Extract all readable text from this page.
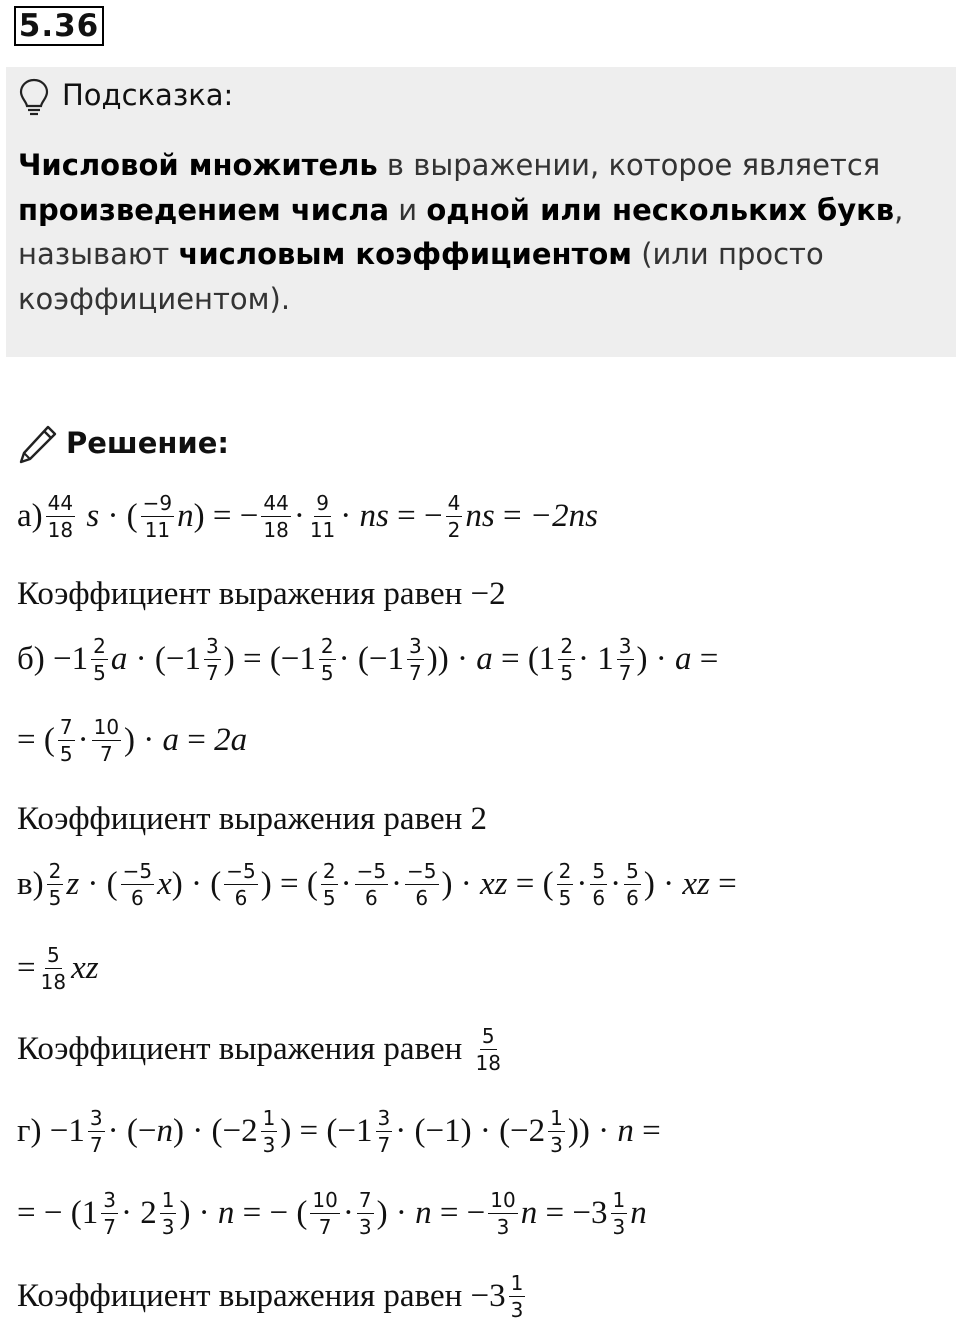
5.36
Подсказка:
Числовой множитель в выражении, которое является
произведением числа и одной или нескольких букв,
называют числовым коэффициентом (или просто
коэффициентом).
Решение:
$а) \frac{44}{18}$
s · ( $\frac{-9}{11}$ n ) = − $\frac{44}{18} \cdot \frac{9}{11}$ · ns = − $\frac{4}{2}$ ns = −2ns
Коэффициент выражения равен
−2
$б) -1 \frac{2}{5}$ $a \cdot (-1 \frac{3}{7}$ ) = ($-1 \frac{2}{5} \cdot (-1 \frac{3}{7}$ )) · $a = (1 \frac{2}{5} \cdot 1 \frac{3}{7}$ ) · a =
= ( $\frac{7}{5} \cdot \frac{10}{7}$ ) · a = 2a
Коэффициент выражения равен
2
$в) \frac{2}{5}$ z · ( $\frac{-5}{6}$ x ) · ( $\frac{-5}{6}$ ) = ( $\frac{2}{5} \cdot \frac{-5}{6} \cdot \frac{-5}{6}$ ) · xz = ( $\frac{2}{5} \cdot \frac{5}{6} \cdot \frac{5}{6}$ ) · xz =
= $\frac{5}{18}$ xz
Коэффициент выражения равен
$\frac{5}{18}$
$г) -1 \frac{3}{7}$ · (− n ) · ($-2 \frac{1}{3}$ ) = ($-1 \frac{3}{7} \cdot (-1) \cdot (-2 \frac{1}{3}$ )) · n =
= − ($1 \frac{3}{7} \cdot 2 \frac{1}{3}$ ) · n = − ( $\frac{10}{7} \cdot \frac{7}{3}$ ) · n = − $\frac{10}{3}$ $n = -3 \frac{1}{3}$ n
Коэффициент выражения равен
$-3 \frac{1}{3}$
